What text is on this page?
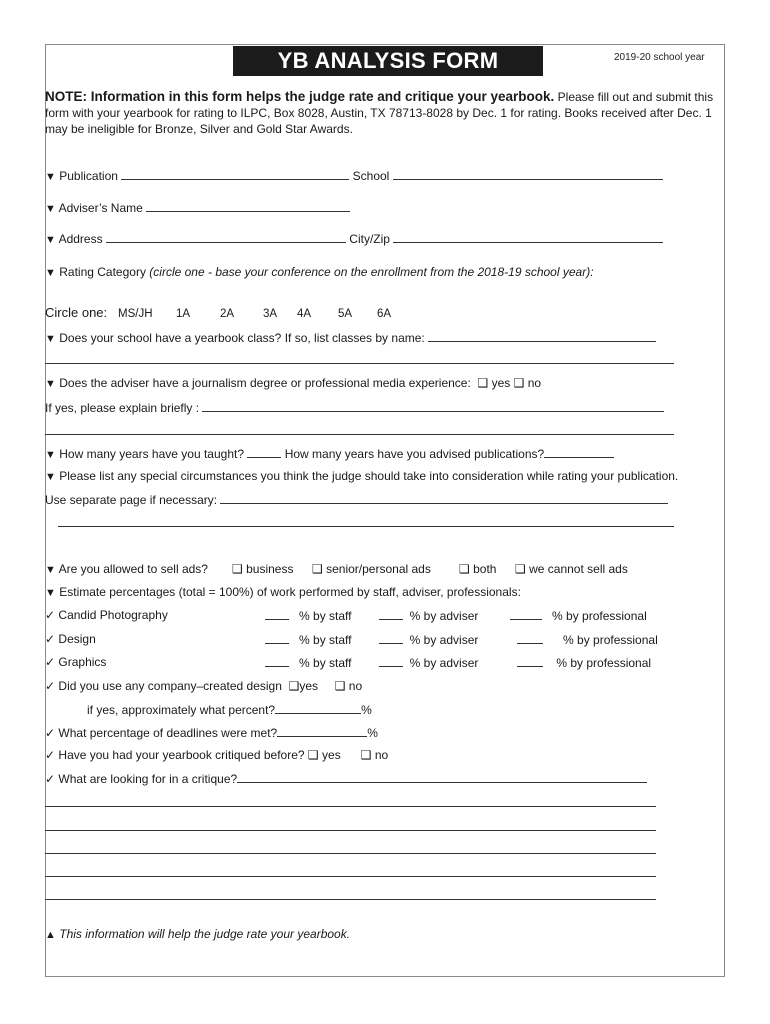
YB ANALYSIS FORM	2019-20 school year
NOTE: Information in this form helps the judge rate and critique your yearbook. Please fill out and submit this form with your yearbook for rating to ILPC, Box 8028, Austin, TX 78713-8028 by Dec. 1 for rating. Books received after Dec. 1 may be ineligible for Bronze, Silver and Gold Star Awards.
▼ Publication	School
▼ Adviser’s Name
▼ Address	City/Zip
▼ Rating Category (circle one - base your conference on the enrollment from the 2018-19 school year):
Circle one: MS/JH 1A	2A	3A 4A 5A 6A
▼ Does your school have a yearbook class? If so, list classes by name:
▼ Does the adviser have a journalism degree or professional media experience: ❑ yes ❑ no
If yes, please explain briefly :
▼ How many years have you taught?	How many years have you advised publications?
▼ Please list any special circumstances you think the judge should take into consideration while rating your publication.
Use separate page if necessary:
▼ Are you allowed to sell ads? ❑ business ❑ senior/personal ads ❑ both ❑ we cannot sell ads
▼ Estimate percentages (total = 100%) of work performed by staff, adviser, professionals:
✓ Candid Photography	% by staff	% by adviser	% by professional
✓ Design	% by staff	% by adviser	% by professional
✓ Graphics	% by staff	% by adviser	% by professional
✓ Did you use any company–created design ❑yes ❑ no
if yes, approximately what percent?	%
✓ What percentage of deadlines were met?	%
✓ Have you had your yearbook critiqued before? ❑ yes ❑ no
✓ What are looking for in a critique?
▲ This information will help the judge rate your yearbook.
